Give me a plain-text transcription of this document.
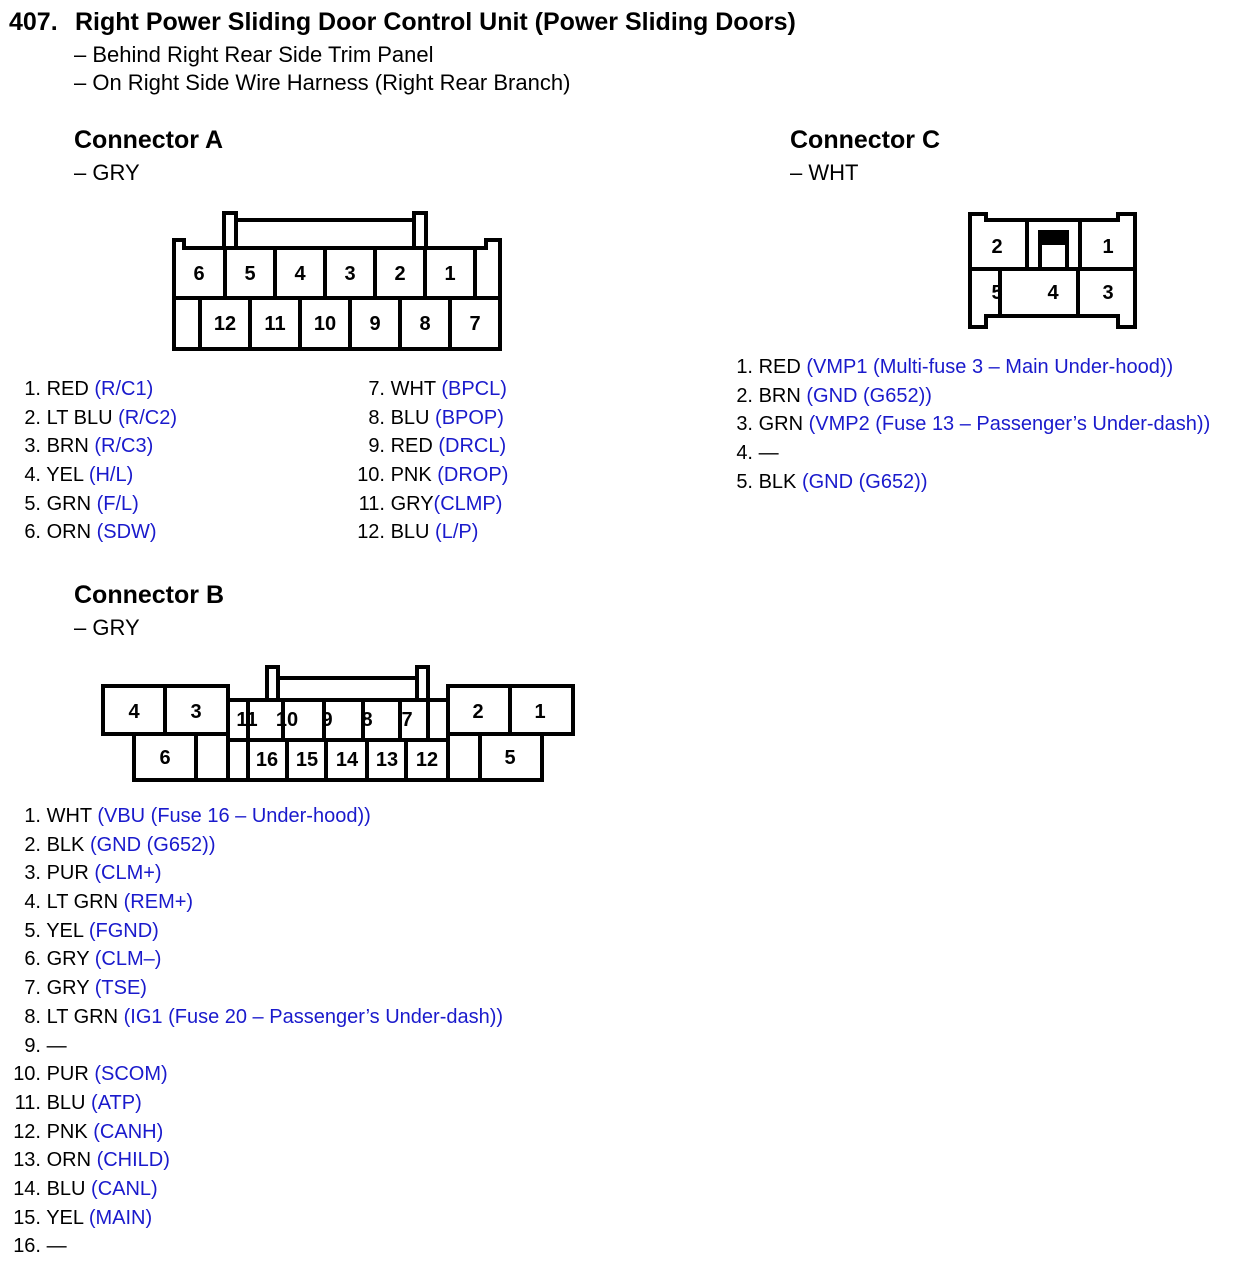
407. Right Power Sliding Door Control Unit (Power Sliding Doors)
– Behind Right Rear Side Trim Panel
– On Right Side Wire Harness (Right Rear Branch)
Connector A
– GRY
6 5 4 3 2 1
12 11 10 9 8 7
1. RED (R/C1)
2. LT BLU (R/C2)
3. BRN (R/C3)
4. YEL (H/L)
5. GRN (F/L)
6. ORN (SDW)
7. WHT (BPCL)
8. BLU (BPOP)
9. RED (DRCL)
10. PNK (DROP)
11. GRY(CLMP)
12. BLU (L/P)
Connector C
– WHT
2	1
5 4 3
1. RED (VMP1 (Multi-fuse 3 – Main Under-hood))
2. BRN (GND (G652))
3. GRN (VMP2 (Fuse 13 – Passenger’s Under-dash))
4. —
5. BLK (GND (G652))
Connector B
– GRY
4	3 11 10 9 8 7	2	1
6	16 15 14 13 12	5
1. WHT (VBU (Fuse 16 – Under-hood))
2. BLK (GND (G652))
3. PUR (CLM+)
4. LT GRN (REM+)
5. YEL (FGND)
6. GRY (CLM–)
7. GRY (TSE)
8. LT GRN (IG1 (Fuse 20 – Passenger’s Under-dash))
9. —
10. PUR (SCOM)
11. BLU (ATP)
12. PNK (CANH)
13. ORN (CHILD)
14. BLU (CANL)
15. YEL (MAIN)
16. —
